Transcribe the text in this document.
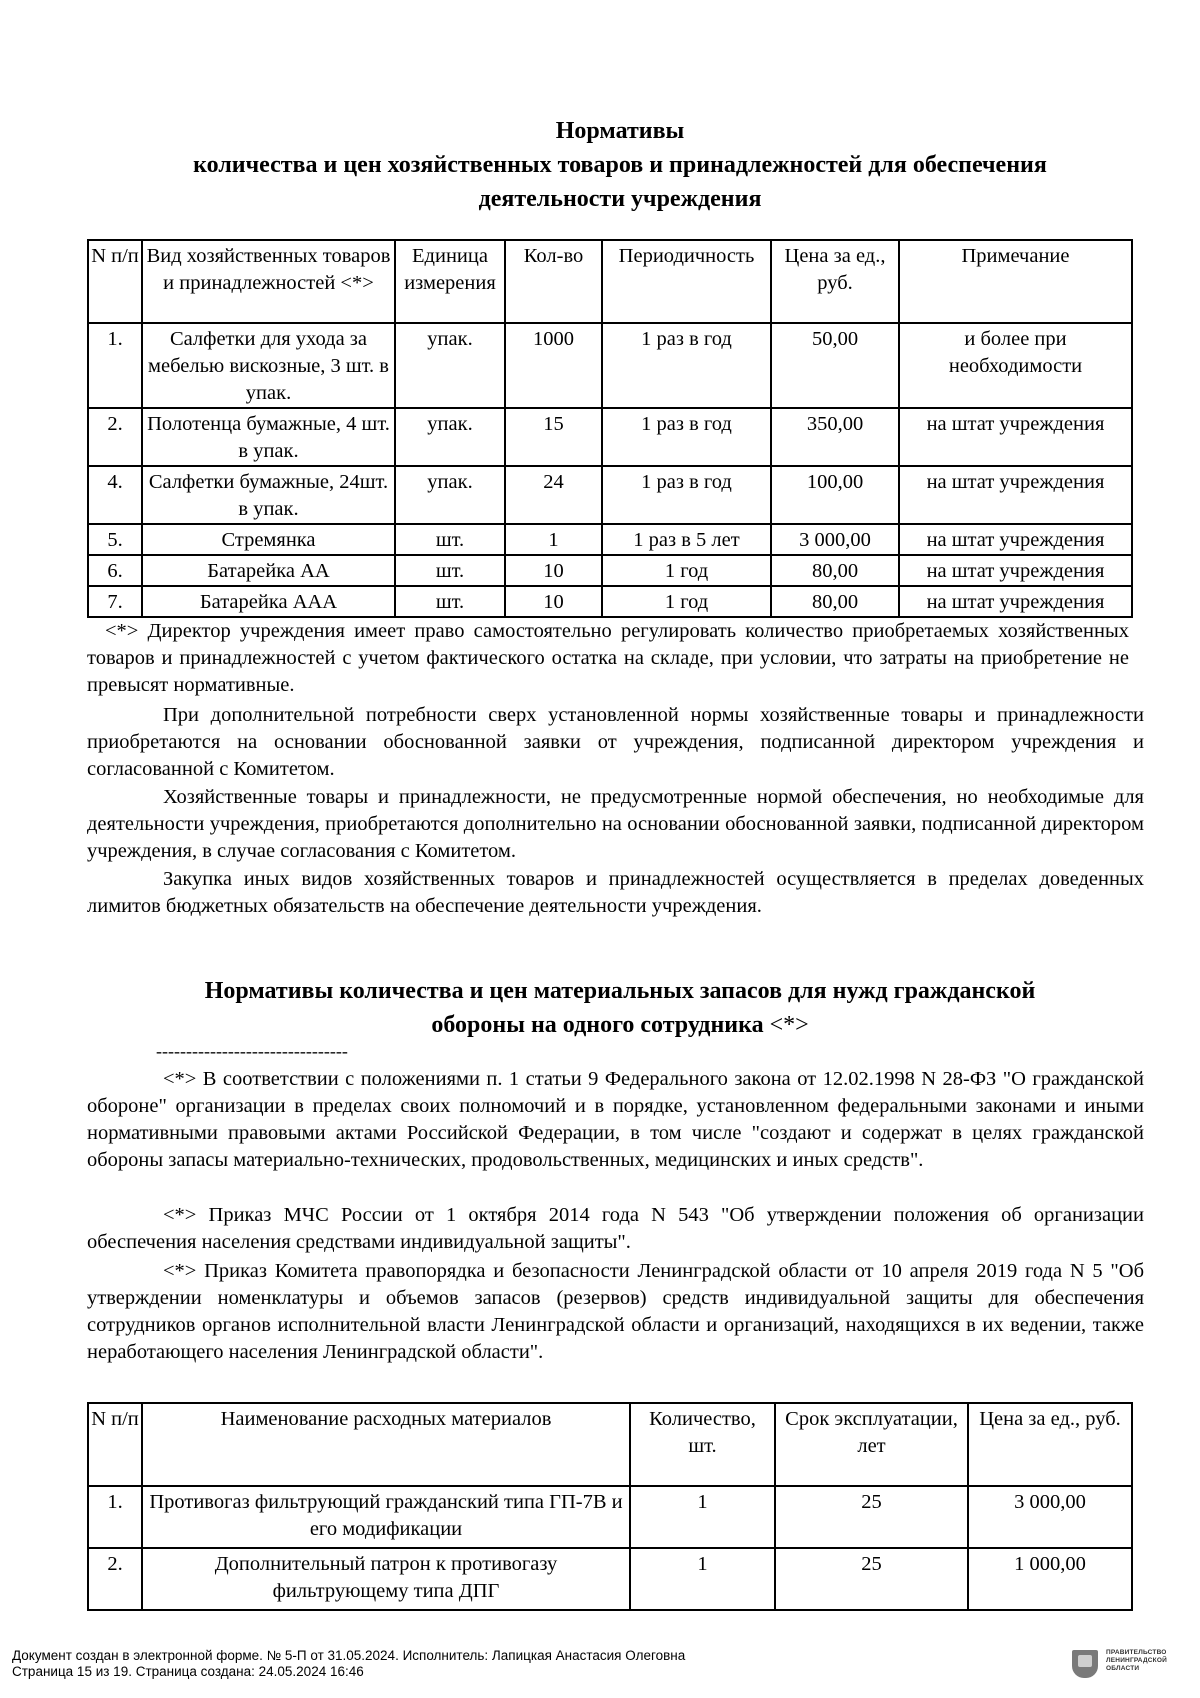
Нормативы
количества и цен хозяйственных товаров и принадлежностей для обеспечения
деятельности учреждения
N п/п	Вид хозяйственных товаров и принадлежностей <*>	Единица измерения	Кол-во	Периодичность	Цена за ед., руб.	Примечание
1.	Салфетки для ухода за мебелью вискозные, 3 шт. в упак.	упак.	1000	1 раз в год	50,00	и более при необходимости
2.	Полотенца бумажные, 4 шт. в упак.	упак.	15	1 раз в год	350,00	на штат учреждения
4.	Салфетки бумажные, 24шт. в упак.	упак.	24	1 раз в год	100,00	на штат учреждения
5.	Стремянка	шт.	1	1 раз в 5 лет	3 000,00	на штат учреждения
6.	Батарейка АА	шт.	10	1 год	80,00	на штат учреждения
7.	Батарейка ААА	шт.	10	1 год	80,00	на штат учреждения

<*> Директор учреждения имеет право самостоятельно регулировать количество приобретаемых хозяйственных товаров и принадлежностей с учетом фактического остатка на складе, при условии, что затраты на приобретение не превысят нормативные.

При дополнительной потребности сверх установленной нормы хозяйственные товары и принадлежности приобретаются на основании обоснованной заявки от учреждения, подписанной директором учреждения и согласованной с Комитетом.

Хозяйственные товары и принадлежности, не предусмотренные нормой обеспечения, но необходимые для деятельности учреждения, приобретаются дополнительно на основании обоснованной заявки, подписанной директором учреждения, в случае согласования с Комитетом.

Закупка иных видов хозяйственных товаров и принадлежностей осуществляется в пределах доведенных лимитов бюджетных обязательств на обеспечение деятельности учреждения.

Нормативы количества и цен материальных запасов для нужд гражданской
обороны на одного сотрудника <*>
--------------------------------

<*> В соответствии с положениями п. 1 статьи 9 Федерального закона от 12.02.1998 N 28-ФЗ "О гражданской обороне" организации в пределах своих полномочий и в порядке, установленном федеральными законами и иными нормативными правовыми актами Российской Федерации, в том числе "создают и содержат в целях гражданской обороны запасы материально-технических, продовольственных, медицинских и иных средств".

<*> Приказ МЧС России от 1 октября 2014 года N 543 "Об утверждении положения об организации обеспечения населения средствами индивидуальной защиты".

<*> Приказ Комитета правопорядка и безопасности Ленинградской области от 10 апреля 2019 года N 5 "Об утверждении номенклатуры и объемов запасов (резервов) средств индивидуальной защиты для обеспечения сотрудников органов исполнительной власти Ленинградской области и организаций, находящихся в их ведении, также неработающего населения Ленинградской области".

N п/п	Наименование расходных материалов	Количество, шт.	Срок эксплуатации, лет	Цена за ед., руб.
1.	Противогаз фильтрующий гражданский типа ГП-7В и его модификации	1	25	3 000,00
2.	Дополнительный патрон к противогазу фильтрующему типа ДПГ	1	25	1 000,00
Документ создан в электронной форме. № 5-П от 31.05.2024. Исполнитель: Лапицкая Анастасия Олеговна
Страница 15 из 19. Страница создана: 24.05.2024 16:46
ПРАВИТЕЛЬСТВО ЛЕНИНГРАДСКОЙ ОБЛАСТИ
